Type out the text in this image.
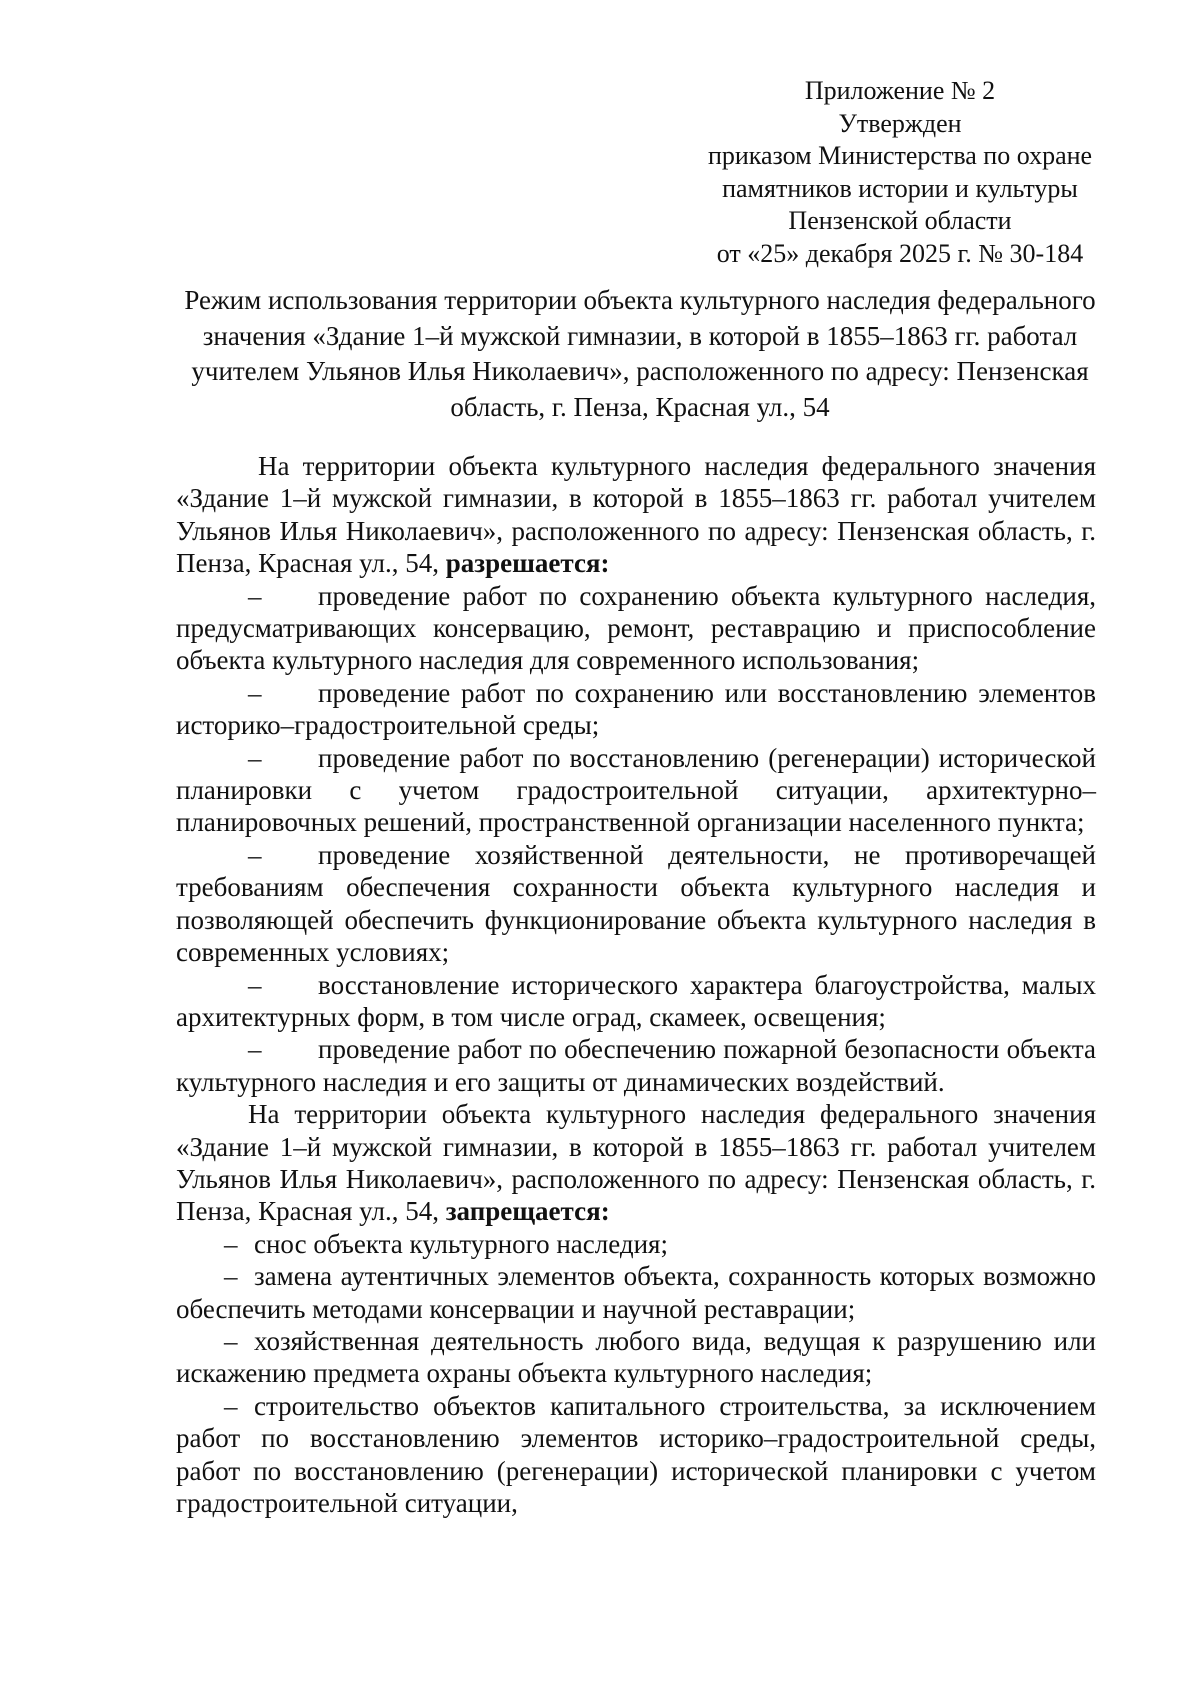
Приложение № 2
Утвержден
приказом Министерства по охране
памятников истории и культуры
Пензенской области
от «25» декабря 2025 г. № 30-184
Режим использования территории объекта культурного наследия федерального значения «Здание 1–й мужской гимназии, в которой в 1855–1863 гг. работал учителем Ульянов Илья Николаевич», расположенного по адресу: Пензенская область, г. Пенза, Красная ул., 54

На территории объекта культурного наследия федерального значения «Здание 1–й мужской гимназии, в которой в 1855–1863 гг. работал учителем Ульянов Илья Николаевич», расположенного по адресу: Пензенская область, г. Пенза, Красная ул., 54, разрешается:

– проведение работ по сохранению объекта культурного наследия, предусматривающих консервацию, ремонт, реставрацию и приспособление объекта культурного наследия для современного использования;

– проведение работ по сохранению или восстановлению элементов историко–градостроительной среды;

– проведение работ по восстановлению (регенерации) исторической планировки с учетом градостроительной ситуации, архитектурно–планировочных решений, пространственной организации населенного пункта;

– проведение хозяйственной деятельности, не противоречащей требованиям обеспечения сохранности объекта культурного наследия и позволяющей обеспечить функционирование объекта культурного наследия в современных условиях;

– восстановление исторического характера благоустройства, малых архитектурных форм, в том числе оград, скамеек, освещения;

– проведение работ по обеспечению пожарной безопасности объекта культурного наследия и его защиты от динамических воздействий.

На территории объекта культурного наследия федерального значения «Здание 1–й мужской гимназии, в которой в 1855–1863 гг. работал учителем Ульянов Илья Николаевич», расположенного по адресу: Пензенская область, г. Пенза, Красная ул., 54, запрещается:

– снос объекта культурного наследия;

– замена аутентичных элементов объекта, сохранность которых возможно обеспечить методами консервации и научной реставрации;

– хозяйственная деятельность любого вида, ведущая к разрушению или искажению предмета охраны объекта культурного наследия;

– строительство объектов капитального строительства, за исключением работ по восстановлению элементов историко–градостроительной среды, работ по восстановлению (регенерации) исторической планировки с учетом градостроительной ситуации,
